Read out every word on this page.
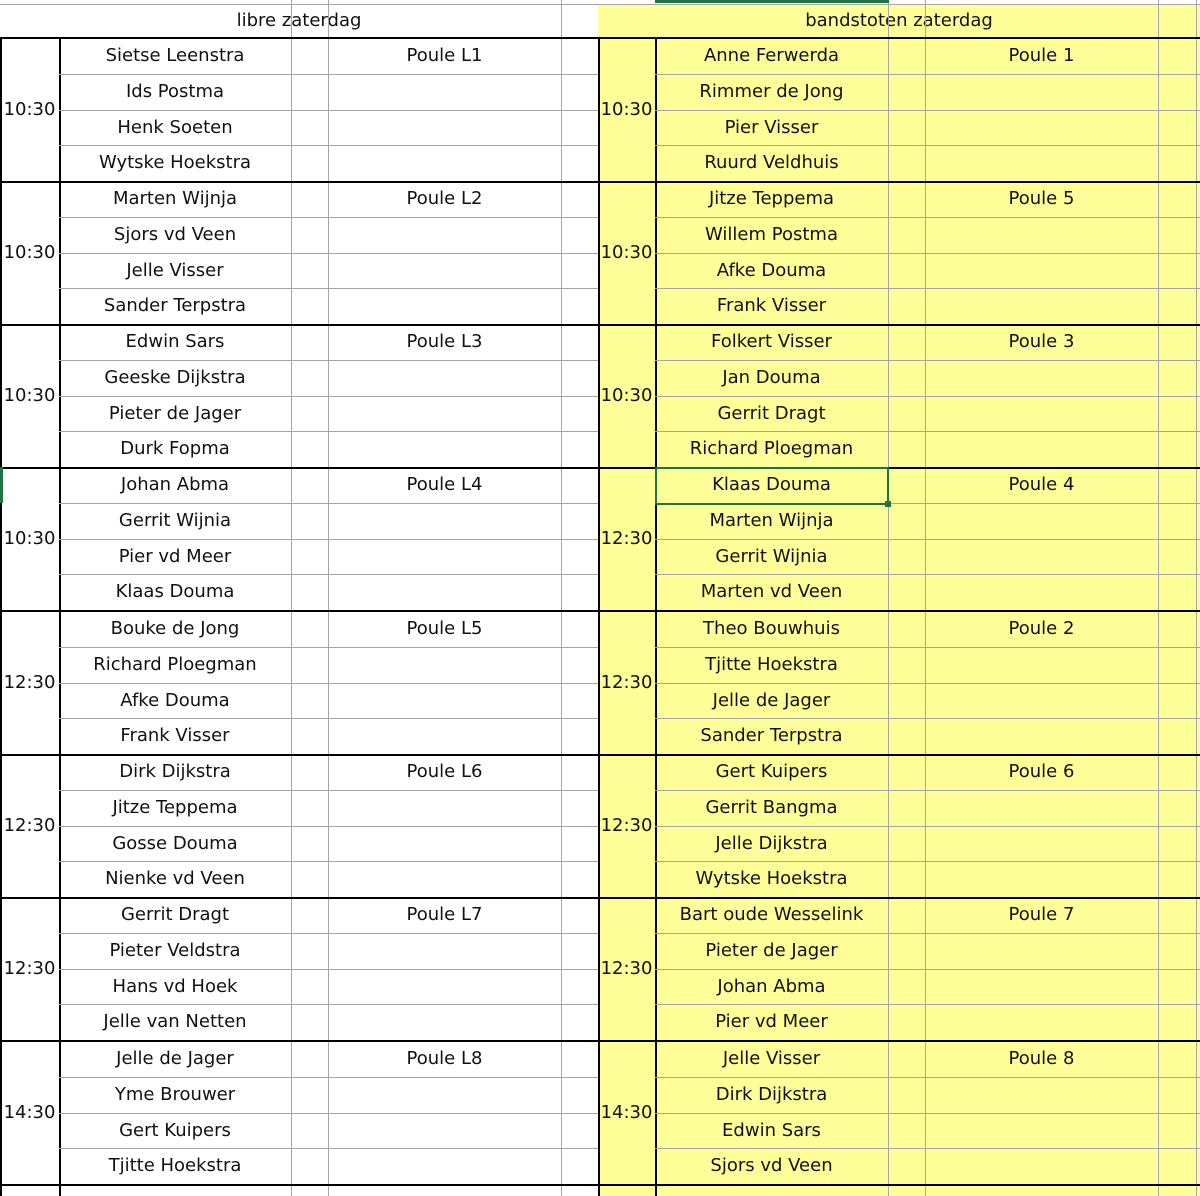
libre zaterdag	bandstoten zaterdag
10:30
Poule L1
Sietse Leenstra
Ids Postma
Henk Soeten
Wytske Hoekstra
10:30
Poule 1
Anne Ferwerda
Rimmer de Jong
Pier Visser
Ruurd Veldhuis
10:30
Poule L2
Marten Wijnja
Sjors vd Veen
Jelle Visser
Sander Terpstra
10:30
Poule 5
Jitze Teppema
Willem Postma
Afke Douma
Frank Visser
10:30
Poule L3
Edwin Sars
Geeske Dijkstra
Pieter de Jager
Durk Fopma
10:30
Poule 3
Folkert Visser
Jan Douma
Gerrit Dragt
Richard Ploegman
10:30
Poule L4
Johan Abma
Gerrit Wijnia
Pier vd Meer
Klaas Douma
12:30
Poule 4
Klaas Douma
Marten Wijnja
Gerrit Wijnia
Marten vd Veen
12:30
Poule L5
Bouke de Jong
Richard Ploegman
Afke Douma
Frank Visser
12:30
Poule 2
Theo Bouwhuis
Tjitte Hoekstra
Jelle de Jager
Sander Terpstra
12:30
Poule L6
Dirk Dijkstra
Jitze Teppema
Gosse Douma
Nienke vd Veen
12:30
Poule 6
Gert Kuipers
Gerrit Bangma
Jelle Dijkstra
Wytske Hoekstra
12:30
Poule L7
Gerrit Dragt
Pieter Veldstra
Hans vd Hoek
Jelle van Netten
12:30
Poule 7
Bart oude Wesselink
Pieter de Jager
Johan Abma
Pier vd Meer
14:30
Poule L8
Jelle de Jager
Yme Brouwer
Gert Kuipers
Tjitte Hoekstra
14:30
Poule 8
Jelle Visser
Dirk Dijkstra
Edwin Sars
Sjors vd Veen
